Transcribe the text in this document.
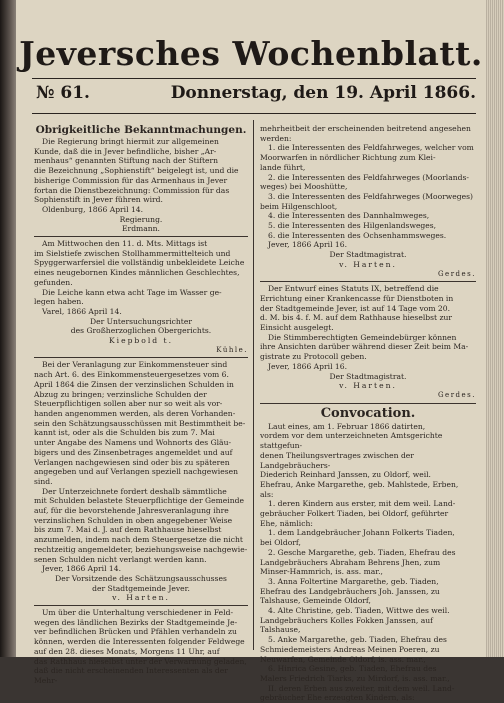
Jeversches Wochenblatt.
№ 61.	Donnerstag, den 19. April 1866.

Obrigkeitliche Bekanntmachungen.

Die Regierung bringt hiermit zur allgemeinen

Kunde, daß die in Jever befindliche, bisher „Ar-

menhaus“ genannten Stiftung nach der Stiftern

die Bezeichnung „Sophienstift“ beigelegt ist, und die

bisherige Commission für das Armenhaus in Jever

fortan die Dienstbezeichnung: Commission für das

Sophienstift in Jever führen wird.

Oldenburg, 1866 April 14.

Regierung.

Erdmann.

Am Mittwochen den 11. d. Mts. Mittags ist

im Sielstiefe zwischen Stollhammermittelteich und

Spyggerwarfersiel die vollständig unbekleidete Leiche

eines neugebornen Kindes männlichen Geschlechtes,

gefunden.

Die Leiche kann etwa acht Tage im Wasser ge-

legen haben.

Varel, 1866 April 14.

Der Untersuchungsrichter

des Großherzoglichen Obergerichts.

Kiepbold t.

Kühle.

Bei der Veranlagung zur Einkommensteuer sind

nach Art. 6. des Einkommensteuergesetzes vom 6.

April 1864 die Zinsen der verzinslichen Schulden in

Abzug zu bringen; verzinsliche Schulden der

Steuerpflichtigen sollen aber nur so weit als vor-

handen angenommen werden, als deren Vorhanden-

sein den Schätzungsausschüssen mit Bestimmtheit be-

kannt ist, oder als die Schulden bis zum 7. Mai

unter Angabe des Namens und Wohnorts des Gläu-

bigers und des Zinsenbetrages angemeldet und auf

Verlangen nachgewiesen sind oder bis zu späteren

angegeben und auf Verlangen speziell nachgewiesen sind.

Der Unterzeichnete fordert deshalb sämmtliche

mit Schulden belastete Steuerpflichtige der Gemeinde

auf, für die bevorstehende Jahresveranlagung ihre

verzinslichen Schulden in oben angegebener Weise

bis zum 7. Mai d. J. auf dem Rathhause hieselbst

anzumelden, indem nach dem Steuergesetze die nicht

rechtzeitig angemeldeter, beziehungsweise nachgewie-

senen Schulden nicht verlangt werden kann.

Jever, 1866 April 14.

Der Vorsitzende des Schätzungsausschusses

der Stadtgemeinde Jever.

v. Harten.

Um über die Unterhaltung verschiedener in Feld-

wegen des ländlichen Bezirks der Stadtgemeinde Je-

ver befindlichen Brücken und Pfählen verhandeln zu

können, werden die Interessenten folgender Feldwege

auf den 28. dieses Monats, Morgens 11 Uhr, auf

das Rathhaus hieselbst unter der Verwarnung geladen,

daß die nicht erscheinenden Interessenten als der Mehr-

mehrheitbeit der erscheinenden beitretend angesehen

werden:

1. die Interessenten des Feldfahrweges, welcher vom

Moorwarfen in nördlicher Richtung zum Klei-

lande führt,

2. die Interessenten des Feldfahrweges (Moorlands-

weges) bei Mooshütte,

3. die Interessenten des Feldfahrweges (Moorweges)

beim Hilgenschloot,

4. die Interessenten des Dannhalmweges,

5. die Interessenten des Hilgenlandsweges,

6. die Interessenten des Ochsenhammsweges.

Jever, 1866 April 16.

Der Stadtmagistrat.

v. Harten.

Gerdes.

Der Entwurf eines Statuts IX, betreffend die

Errichtung einer Krankencasse für Dienstboten in

der Stadtgemeinde Jever, ist auf 14 Tage vom 20.

d. M. bis 4. f. M. auf dem Rathhause hieselbst zur

Einsicht ausgelegt.

Die Stimmberechtigten Gemeindebürger können

ihre Ansichten darüber während dieser Zeit beim Ma-

gistrate zu Protocoll geben.

Jever, 1866 April 16.

Der Stadtmagistrat.

v. Harten.

Gerdes.

Convocation.

Laut eines, am 1. Februar 1866 datirten,

vordem vor dem unterzeichneten Amtsgerichte stattgefun-

denen Theilungsvertrages zwischen der Landgebräuchers-

Diederich Reinhard Janssen, zu Oldorf, weil.

Ehefrau, Anke Margarethe, geb. Mahlstede, Erben,

als:

1. deren Kindern aus erster, mit dem weil. Land-

gebräucher Folkert Tiaden, bei Oldorf, geführter

Ehe, nämlich:

1. dem Landgebräucher Johann Folkerts Tiaden,

bei Oldorf,

2. Gesche Margarethe, geb. Tiaden, Ehefrau des

Landgebräuchers Abraham Behrens Jhen, zum

Minser-Hammrich, is. ass. mar.,

3. Anna Foltertine Margarethe, geb. Tiaden,

Ehefrau des Landgebräuchers Joh. Janssen, zu

Talshause, Gemeinde Oldorf,

4. Alte Christine, geb. Tiaden, Wittwe des weil.

Landgebräuchers Kolles Fokken Janssen, auf

Talshause,

5. Anke Margarethe, geb. Tiaden, Ehefrau des

Schmiedemeisters Andreas Meinen Poeren, zu

Neuwarfen, Gemeinde Oldorf, is. ass. mar.,

6. Hinrica Gesine, geb. Tiaden, Ehefrau des

Malers Friedrich Tiarks, zu Mirdorf, is. ass. mar.,

II. deren Erben aus zweiter, mit dem weil. Land-

gebräucher Ehe erzeugten Kindern, als:
